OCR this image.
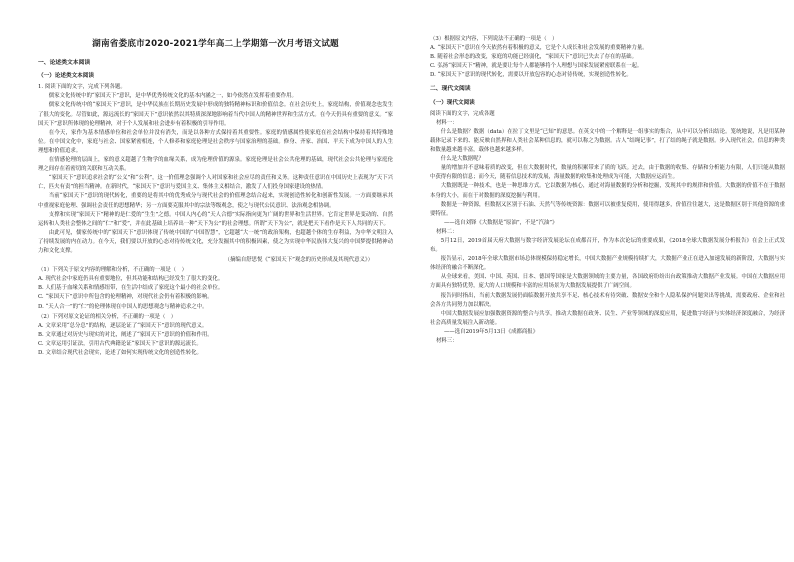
湖南省娄底市2020-2021学年高二上学期第一次月考语文试题
一、论述类文本阅读
（一）论述类文本阅读

1. 阅读下面的文字，完成下列各题。

儒家文化传统中的“家国天下”意识，是中华优秀传统文化的基本内涵之一，如今依然在发挥着重要作用。

儒家文化传统中的“家国天下”意识，是中华民族在长期历史发展中形成的独特精神标识和价值信念。在社会历史上，家庭结构，价值观念也发生了很大的变化。尽管如此，源远流长的“家国天下”意识依然以其特质深深地影响着当代中国人的精神世界和生活方式。在今天仍具有重要的意义。“家国天下”意识所体现的伦理精神，对于个人发展和社会进步有着积极的引导作用。

在今天，家作为基本情感单位和社会单位并没有消失，而是以各种方式保持着其重要性。家庭的情感属性使家庭在社会结构中保持着其特殊地位。在中国文化中，家庭与社会、国家紧密相连，个人修养和家庭伦理是社会秩序与国家治理的基础。修身、齐家、治国、平天下成为中国人的人生理想和价值追求。

在情感伦理的层面上，家的意义超越了生物学的血缘关系，成为伦理价值的源泉。家庭伦理是社会公共伦理的基础，现代社会公共伦理与家庭伦理之间存在着密切的关联和互动关系。

“家国天下”意识追求社会的“公义”和“公利”，这一价值理念强调个人对国家和社会应尽的责任和义务。这种责任意识在中国历史上表现为“天下兴亡，匹夫有责”的担当精神。在新时代，“家国天下”意识与爱国主义、集体主义相结合，激发了人们投身国家建设的热情。

当前“家国天下”意识的现代转化，重要的是将其中的优秀成分与现代社会的价值理念结合起来，实现创造性转化和创新性发展。一方面要继承其中重视家庭伦理、强调社会责任的思想精华；另一方面要克服其中的宗法等级观念，使之与现代公民意识、法治观念相协调。

支撑和实现“家国天下”精神的是仁爱的“生生”之德。中国人内心的“天人合德”实际指向更为广阔的世界和生活世界。它肯定世界是变动的、自然运转和人类社会整体之间的“仁”和“爱”，并在此基础上培养出一种“天下为公”的社会理想。所谓“天下为公”，就是把天下看作是天下人共同的天下。

由此可见，儒家传统中的“家国天下”意识体现了传统中国的“中国智慧”，它超越“大一统”的政治架构，也超越个体的生存利益，为中华文明注入了持续发展的内在动力。在今天，我们要以开放的心态对待传统文化，充分发掘其中的积极因素，使之为实现中华民族伟大复兴的中国梦提供精神动力和文化支撑。

（摘编自舒思悦《“家国天下”观念的历史形成及其现代意义》）

（1）下列关于原文内容的理解和分析，不正确的一项是（　）

A. 现代社会中家庭仍具有重要地位，但其功能和结构已经发生了很大的变化。

B. 人们基于血缘关系和情感纽带，在生活中结成了家庭这个最小的社会单位。

C. “家国天下”意识中所包含的伦理精神，对现代社会仍有着积极的影响。

D. “天人合一”的“仁”的伦理体现在中国人的思想观念与精神追求之中。

（2）下列对原文论证的相关分析，不正确的一项是（　）

A. 文章采用“总分总”的结构，逐层论证了“家国天下”意识的现代意义。

B. 文章通过对历史与现实的对比，阐述了“家国天下”意识的价值和作用。

C. 文章运用引证法，引用古代典籍论证“家国天下”意识的源远流长。

D. 文章结合现代社会现实，论述了如何实现传统文化的创造性转化。

（3）根据原文内容，下列说法不正确的一项是（　）

A. “家国天下”意识在今天依然有着积极的意义，它是个人成长和社会发展的重要精神力量。

B. 随着社会形态的改变，家庭的功能已经弱化，“家国天下”意识已失去了存在的基础。

C. 弘扬“家国天下”精神，就是要让每个人都能够将个人理想与国家发展紧密联系在一起。

D. “家国天下”意识的现代转化，需要以开放包容的心态对待传统，实现创造性转化。

二、现代文阅读
（一）现代文阅读

阅读下面的文字，完成各题

材料一：

什么是数据？数据（data）在拉丁文里是“已知”的意思。在英文中的一个解释是一组事实的集合，从中可以分析出结论。笼统地说，凡是用某种载体记录下来的、能反映自然界和人类社会某种信息的，就可以称之为数据。古人“结绳记事”，打了结的绳子就是数据。步入现代社会，信息的种类和数量越来越丰富，载体也越来越多样。

什么是大数据呢？

量的增加并不意味着质的改变，但在大数据时代，数量的积累带来了质的飞跃。过去，由于数据的收集、存储和分析能力有限，人们只能从数据中获得有限的信息；而今天，随着信息技术的发展，海量数据的收集和处理成为可能，大数据应运而生。

大数据既是一种技术，也是一种思维方式。它以数据为核心，通过对海量数据的分析和挖掘，发现其中的规律和价值。大数据的价值不在于数据本身的大小，而在于对数据的深度挖掘与利用。

数据是一种资源，但数据又区别于石油、天然气等传统资源：数据可以被重复使用，使用得越多，价值往往越大，这是数据区别于其他资源的重要特征。

——选自刘锋《大数据是“原油”，不是“汽油”》

材料二：

5月12日，2019首届天府大数据与数字经济发展论坛在成都召开，作为本次论坛的重要成果，《2018全球大数据发展分析报告》在会上正式发布。

报告显示，2018年全球大数据市场总体规模保持稳定增长，中国大数据产业规模持续扩大，大数据产业正在进入加速发展的新阶段，大数据与实体经济的融合不断深化。

从全球来看，美国、中国、英国、日本、德国等国家是大数据领域的主要力量，各国政府纷纷出台政策推动大数据产业发展。中国在大数据应用方面具有独特优势，庞大的人口规模和丰富的应用场景为大数据发展提供了广阔空间。

报告同时指出，当前大数据发展仍面临数据开放共享不足、核心技术有待突破、数据安全和个人隐私保护问题突出等挑战，需要政府、企业和社会各方共同努力加以解决。

中国大数据发展应加强数据资源的整合与共享，推动大数据在政务、民生、产业等领域的深度应用，促进数字经济与实体经济深度融合，为经济社会高质量发展注入新动能。

——选自2019年5月13日《成都商报》

材料三：
